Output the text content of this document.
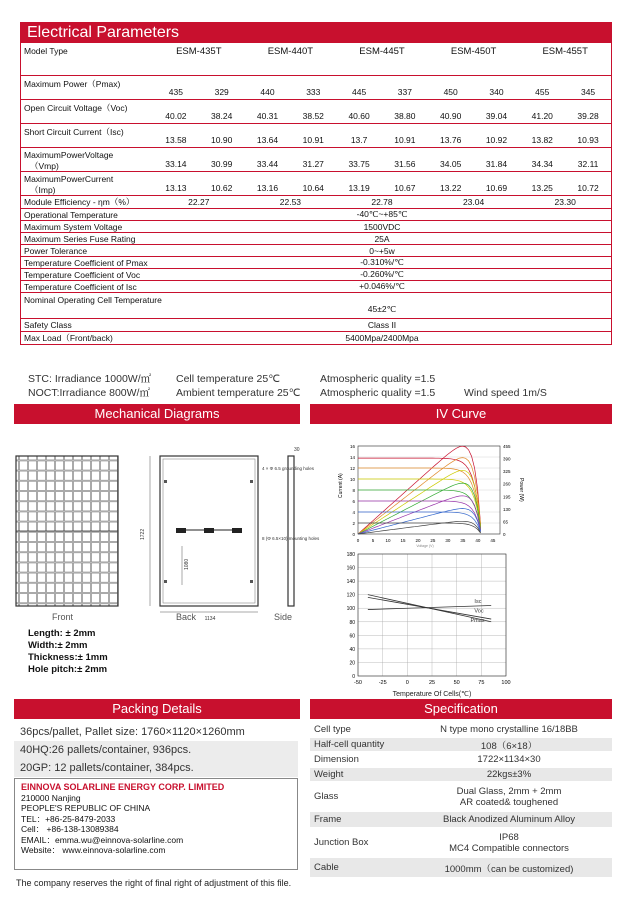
Electrical Parameters
Model Type	ESM-435T	ESM-440T	ESM-445T	ESM-450T	ESM-455T
Maximum Power（Pmax)
435	329	440	333	445	337	450	340	455	345
Open Circuit Voltage（Voc)
40.02	38.24	40.31	38.52	40.60	38.80	40.90	39.04	41.20	39.28
Short Circuit Current（Isc)
13.58	10.90	13.64	10.91	13.7	10.91	13.76	10.92	13.82	10.93
MaximumPowerVoltage
（Vmp)	33.14	30.99	33.44	31.27	33.75	31.56	34.05	31.84	34.34	32.11
MaximumPowerCurrent
（Imp)	13.13	10.62	13.16	10.64	13.19	10.67	13.22	10.69	13.25	10.72
Module Efficiency - ηm（%）	22.27	22.53	22.78	23.04	23.30
Operational Temperature	-40℃~+85℃
Maximum System Voltage	1500VDC
Maximum Series Fuse Rating	25A
Power Tolerance	0~+5w
Temperature Coefficient of Pmax	-0.310%/℃
Temperature Coefficient of Voc	-0.260%/℃
Temperature Coefficient of Isc	+0.046%/℃
Nominal Operating Cell Temperature
45±2℃
Safety Class	Class II
Max Load（Front/back)	5400Mpa/2400Mpa
STC: Irradiance 1000W/㎡ Cell temperature 25℃	Atmospheric quality =1.5
NOCT:Irradiance 800W/㎡ Ambient temperature 25℃ Atmospheric quality =1.5	Wind speed 1m/S
Mechanical Diagrams	IV Curve
1722
1080
1134
4 × Φ 6.5 grounding holes
8 (Φ 6.5×10) mounting holes
30
Front	Back	Side
Length: ± 2mm
Width:± 2mm
Thickness:± 1mm
Hole pitch:± 2mm
0
2
4
6
8
10
12
14
16
0
65
130
195
260
325
390
455
0	5 10 15 20 25 30 35 40 45
Current (A)	Power (W)
Voltage (V)
0
20
40
60
80
100
120
140
160
180
-50	-25	0	25	50	75	100
Isc
Voc
Pmax
Temperature Of Cells(℃)
Packing Details
36pcs/pallet, Pallet size: 1760×1120×1260mm
40HQ:26 pallets/container, 936pcs.
20GP: 12 pallets/container, 384pcs.
EINNOVA SOLARLINE ENERGY CORP. LIMITED
210000 Nanjing
PEOPLE'S REPUBLIC OF CHINA
TEL：+86-25-8479-2033
Cell： +86-138-13089384
EMAIL：emma.wu@einnova-solarline.com
Website： www.einnova-solarline.com
Specification
Cell type	N type mono crystalline 16/18BB
Half-cell quantity	108（6×18）
Dimension	1722×1134×30
Weight	22kgs±3%
Glass	Dual Glass, 2mm + 2mm
AR coated& toughened
Frame	Black Anodized Aluminum Alloy
Junction Box	IP68
MC4 Compatible connectors
Cable	1000mm（can be customized)
The company reserves the right of final right of adjustment of this file.
